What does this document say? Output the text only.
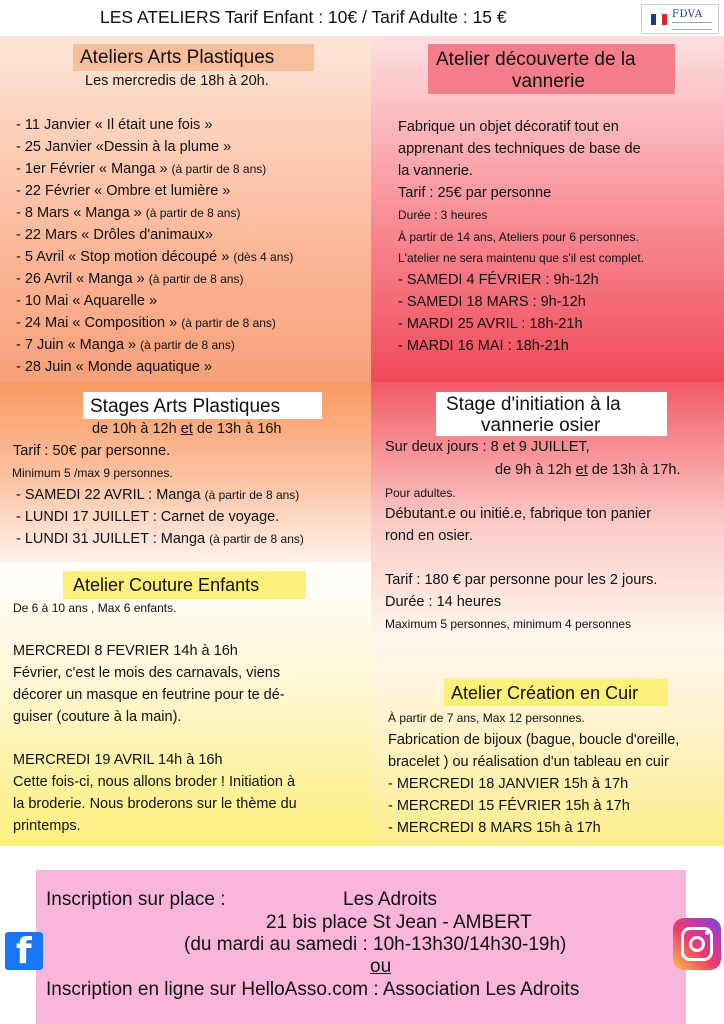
LES ATELIERS Tarif Enfant : 10€ / Tarif Adulte : 15 €	FDVA
Ateliers Arts Plastiques
Les mercredis de 18h à 20h.
- 11 Janvier « Il était une fois »
- 25 Janvier «Dessin à la plume »
- 1er Février « Manga » (à partir de 8 ans)
- 22 Février « Ombre et lumière »
- 8 Mars « Manga » (à partir de 8 ans)
- 22 Mars « Drôles d'animaux»
- 5 Avril « Stop motion découpé » (dès 4 ans)
- 26 Avril « Manga » (à partir de 8 ans)
- 10 Mai « Aquarelle »
- 24 Mai « Composition » (à partir de 8 ans)
- 7 Juin « Manga » (à partir de 8 ans)
- 28 Juin « Monde aquatique »
Atelier découverte de la
vannerie
Fabrique un objet décoratif tout en
apprenant des techniques de base de
la vannerie.
Tarif : 25€ par personne
Durée : 3 heures
À partir de 14 ans, Ateliers pour 6 personnes.
L'atelier ne sera maintenu que s'il est complet.
- SAMEDI 4 FÉVRIER : 9h-12h
- SAMEDI 18 MARS : 9h-12h
- MARDI 25 AVRIL : 18h-21h
- MARDI 16 MAI : 18h-21h
Stages Arts Plastiques
de 10h à 12h et de 13h à 16h
Tarif : 50€ par personne.
Minimum 5 /max 9 personnes.
- SAMEDI 22 AVRIL : Manga (à partir de 8 ans)
- LUNDI 17 JUILLET : Carnet de voyage.
- LUNDI 31 JUILLET : Manga (à partir de 8 ans)
Stage d'initiation à la
vannerie osier
Sur deux jours : 8 et 9 JUILLET,
de 9h à 12h et de 13h à 17h.
Pour adultes.
Débutant.e ou initié.e, fabrique ton panier
rond en osier.
Tarif : 180 € par personne pour les 2 jours.
Durée : 14 heures
Maximum 5 personnes, minimum 4 personnes
Atelier Création en Cuir
À partir de 7 ans, Max 12 personnes.
Fabrication de bijoux (bague, boucle d'oreille,
bracelet ) ou réalisation d'un tableau en cuir
- MERCREDI 18 JANVIER 15h à 17h
- MERCREDI 15 FÉVRIER 15h à 17h
- MERCREDI 8 MARS 15h à 17h
Atelier Couture Enfants
De 6 à 10 ans , Max 6 enfants.
MERCREDI 8 FEVRIER 14h à 16h
Février, c'est le mois des carnavals, viens
décorer un masque en feutrine pour te dé-
guiser (couture à la main).
MERCREDI 19 AVRIL 14h à 16h
Cette fois-ci, nous allons broder ! Initiation à
la broderie. Nous broderons sur le thème du
printemps.
Inscription sur place :	Les Adroits
21 bis place St Jean - AMBERT
(du mardi au samedi : 10h-13h30/14h30-19h)
ou
Inscription en ligne sur HelloAsso.com : Association Les Adroits
f
